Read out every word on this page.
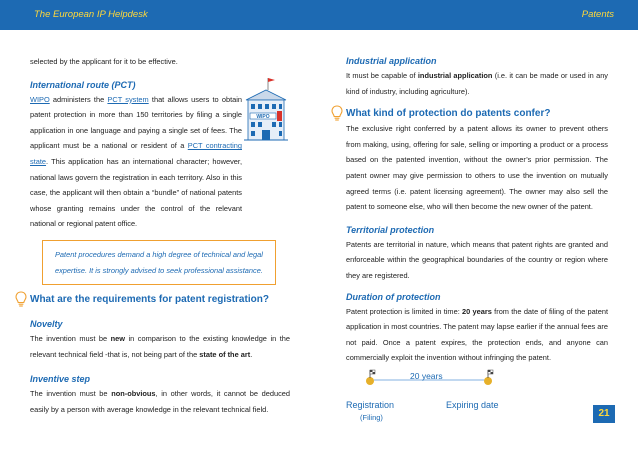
The European IP Helpdesk	Patents

selected by the applicant for it to be effective.

International route (PCT)

WIPO administers the PCT system that allows users to obtain patent protection in more than 150 territories by filing a single application in one language and paying a single set of fees. The applicant must be a national or resident of a PCT contracting state. This application has an international character; however, national laws govern the registration in each territory. Also in this case, the applicant will then obtain a “bundle” of national patents whose granting remains under the control of the relevant national or regional patent office.

Patent procedures demand a high degree of technical and legal expertise. It is strongly advised to seek professional assistance.
What are the requirements for patent registration?
Novelty

The invention must be new in comparison to the existing knowledge in the relevant technical field -that is, not being part of the state of the art.

Inventive step

The invention must be non-obvious, in other words, it cannot be deduced easily by a person with average knowledge in the relevant technical field.

WIPO
Industrial application

It must be capable of industrial application (i.e. it can be made or used in any kind of industry, including agriculture).

What kind of protection do patents confer?

The exclusive right conferred by a patent allows its owner to prevent others from making, using, offering for sale, selling or importing a product or a process based on the patented invention, without the owner’s prior permission. The patent owner may give permission to others to use the invention on mutually agreed terms (i.e. patent licensing agreement). The owner may also sell the patent to someone else, who will then become the new owner of the patent.

Territorial protection

Patents are territorial in nature, which means that patent rights are granted and enforceable within the geographical boundaries of the country or region where they are registered.

Duration of protection

Patent protection is limited in time: 20 years from the date of filing of the patent application in most countries. The patent may lapse earlier if the annual fees are not paid. Once a patent expires, the protection ends, and anyone can commercially exploit the invention without infringing the patent.

20 years
Registration
(Filing)
Expiring date
21
